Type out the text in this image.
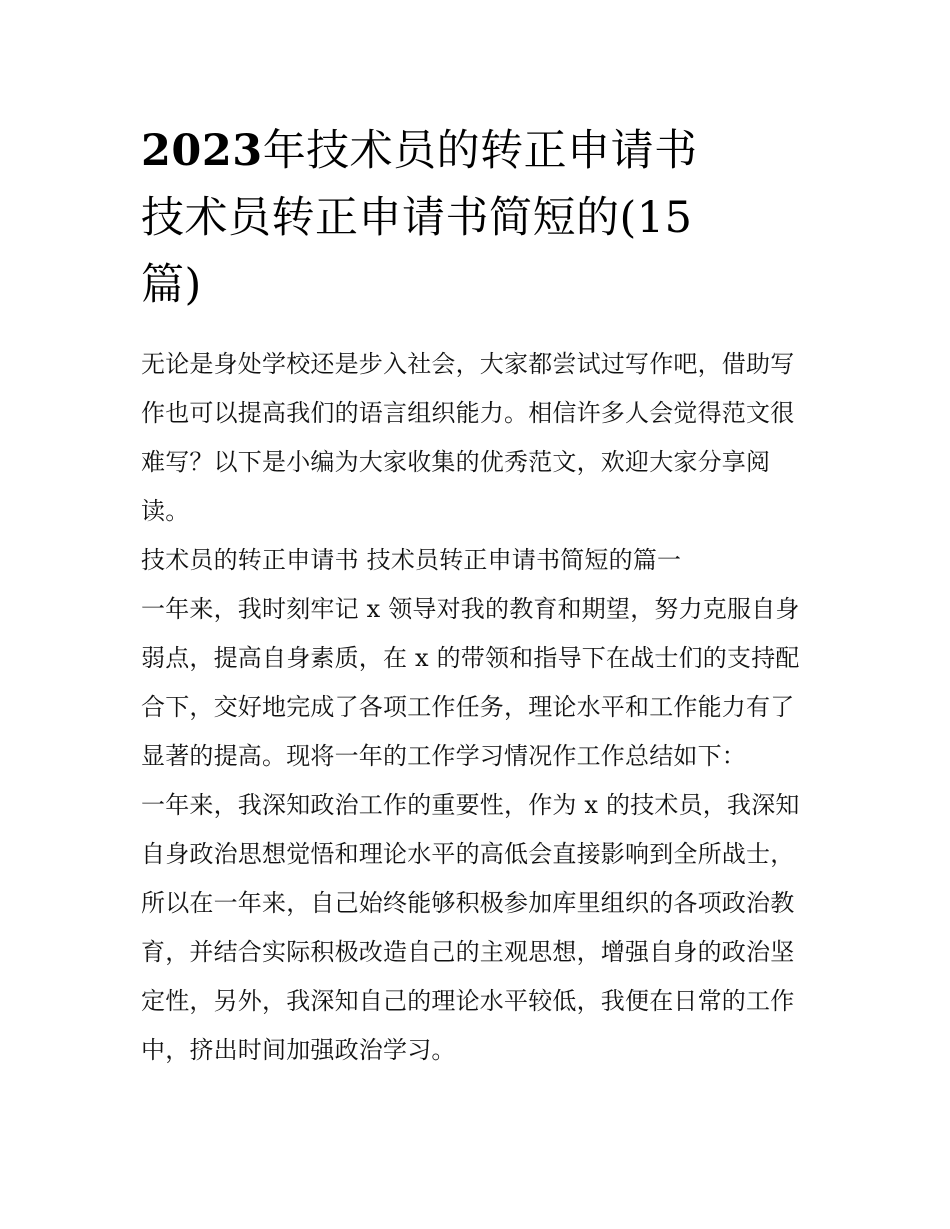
2023年技术员的转正申请书
技术员转正申请书简短的(15
篇)

无论是身处学校还是步入社会，大家都尝试过写作吧，借助写
作也可以提高我们的语言组织能力。相信许多人会觉得范文很
难写？以下是小编为大家收集的优秀范文，欢迎大家分享阅
读。

技术员的转正申请书 技术员转正申请书简短的篇一

一年来，我时刻牢记 x 领导对我的教育和期望，努力克服自身
弱点，提高自身素质，在 x 的带领和指导下在战士们的支持配
合下，交好地完成了各项工作任务，理论水平和工作能力有了
显著的提高。现将一年的工作学习情况作工作总结如下：

一年来，我深知政治工作的重要性，作为 x 的技术员，我深知
自身政治思想觉悟和理论水平的高低会直接影响到全所战士，
所以在一年来，自己始终能够积极参加库里组织的各项政治教
育，并结合实际积极改造自己的主观思想，增强自身的政治坚
定性，另外，我深知自己的理论水平较低，我便在日常的工作
中，挤出时间加强政治学习。
